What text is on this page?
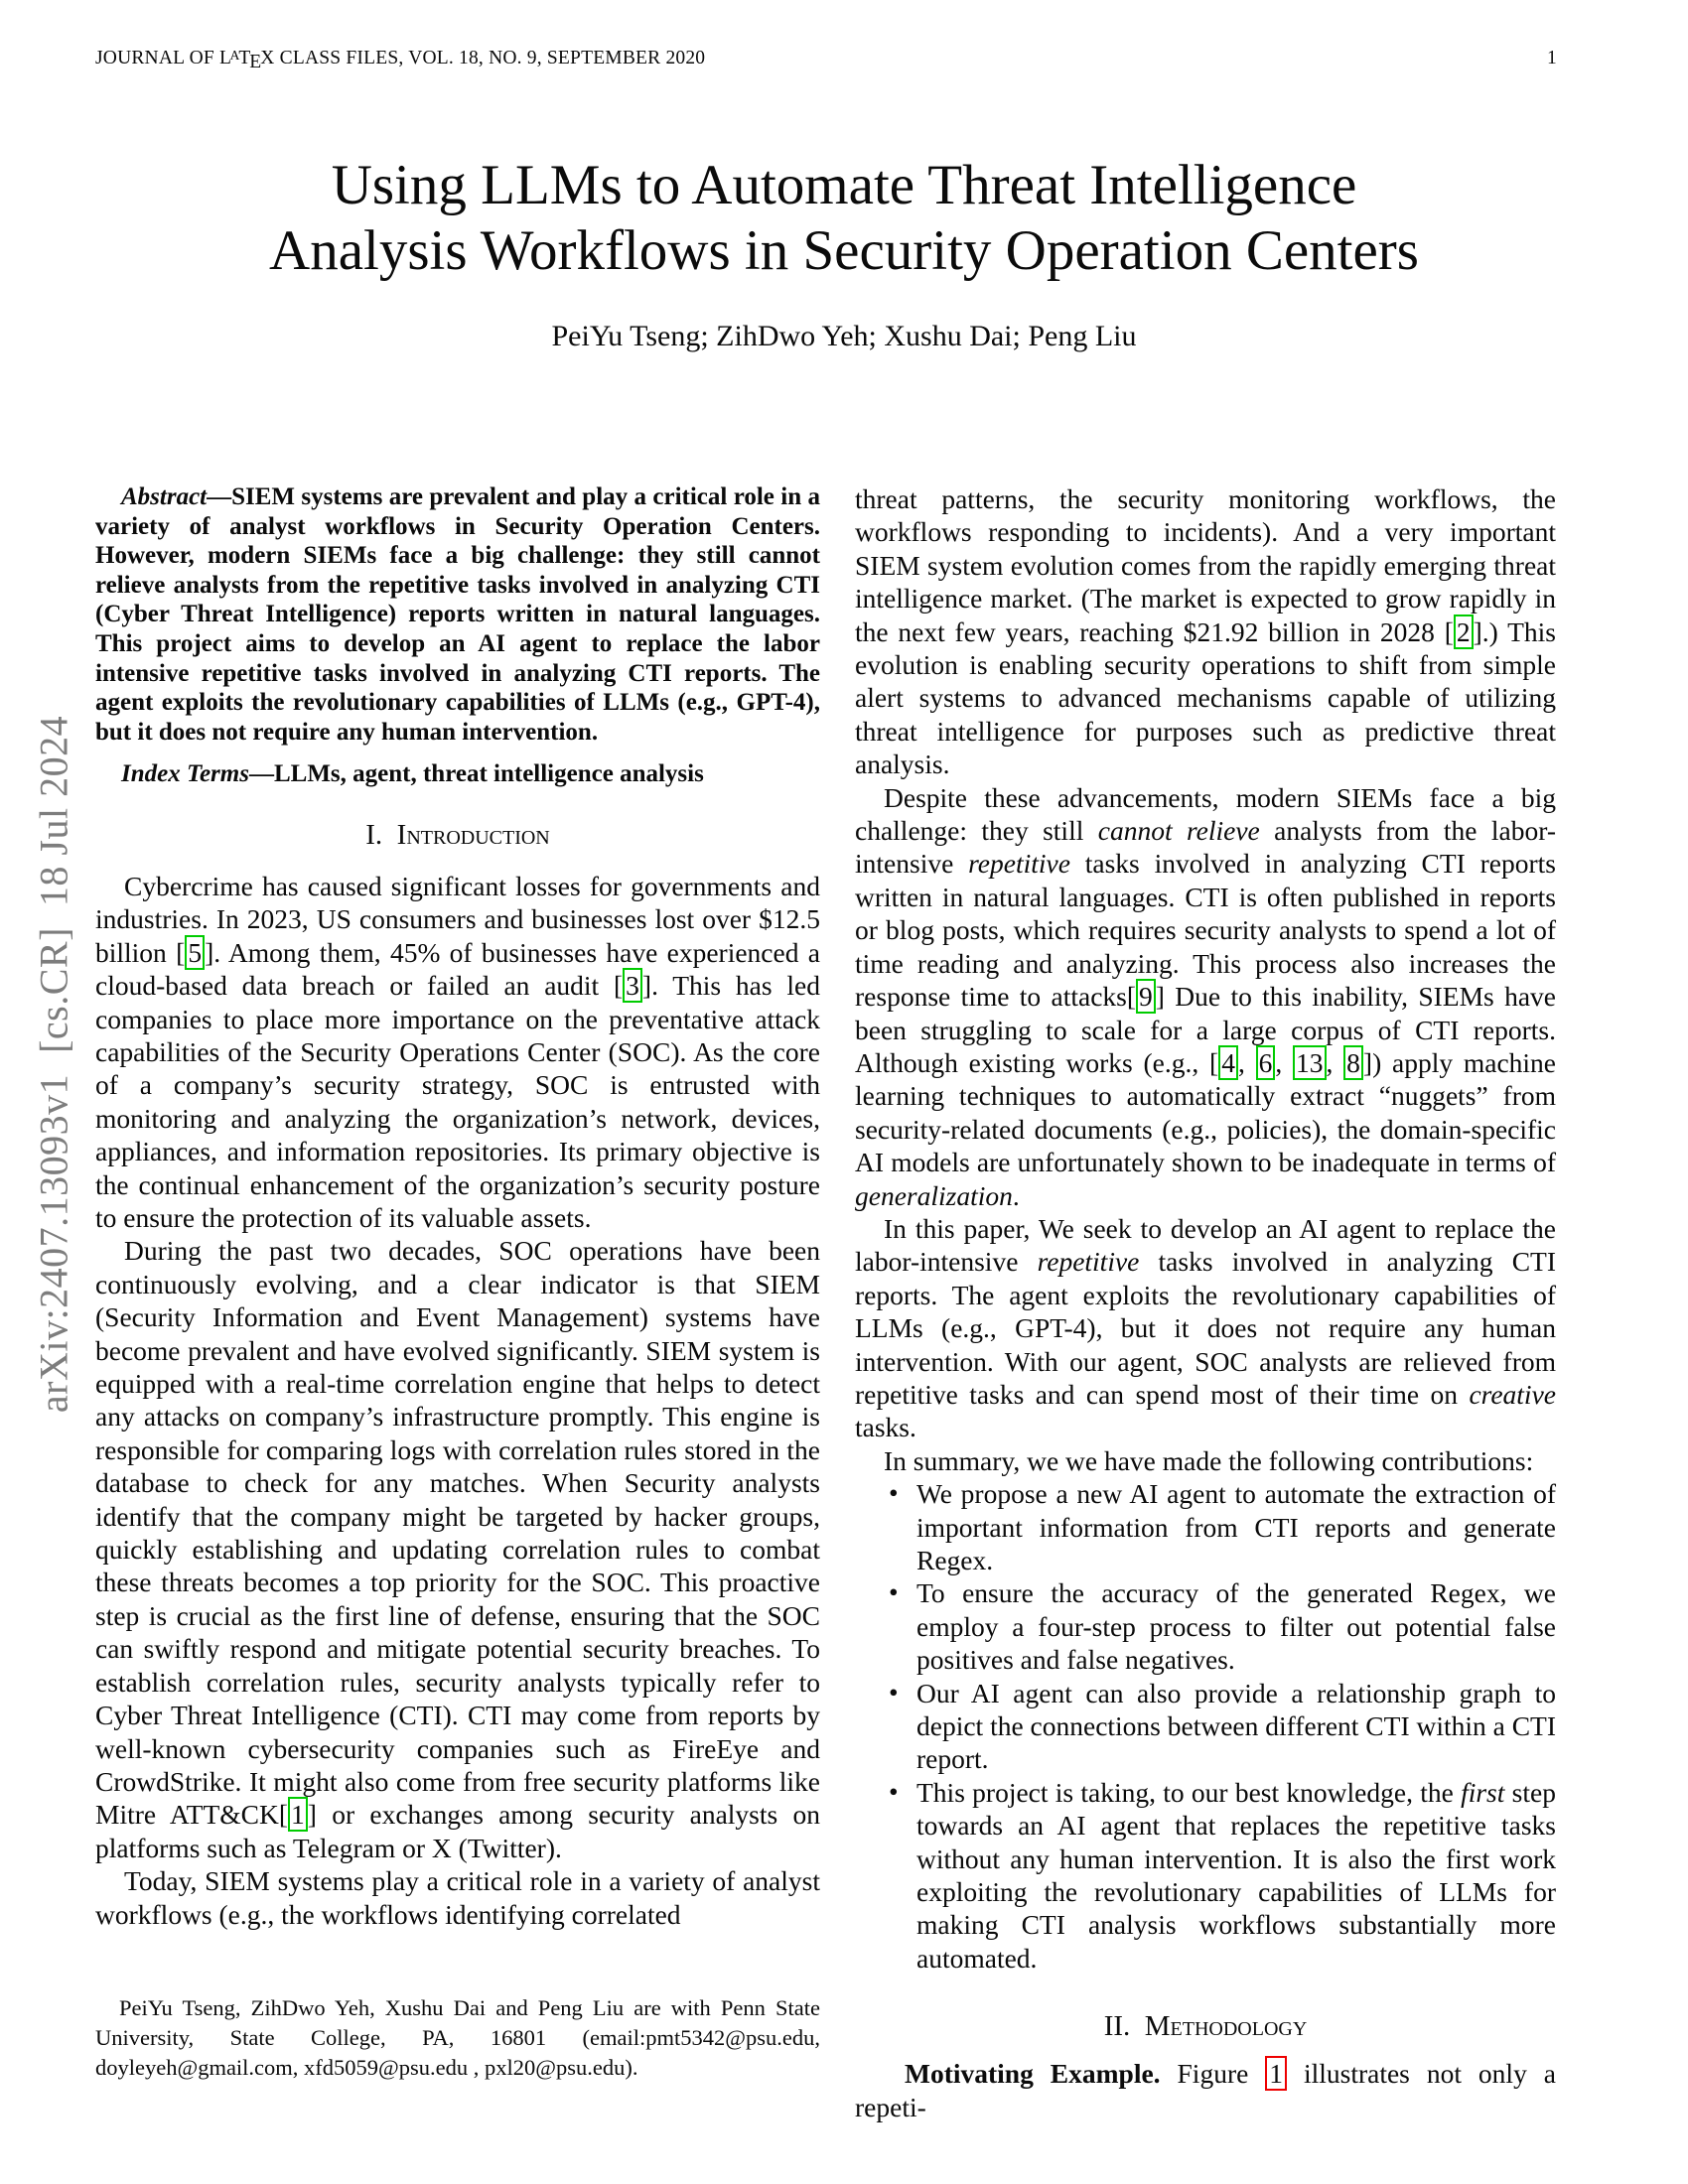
JOURNAL OF LATEX CLASS FILES, VOL. 18, NO. 9, SEPTEMBER 2020	1
arXiv:2407.13093v1  [cs.CR]  18 Jul 2024
Using LLMs to Automate Threat Intelligence
Analysis Workflows in Security Operation Centers
PeiYu Tseng; ZihDwo Yeh; Xushu Dai; Peng Liu

Abstract—SIEM systems are prevalent and play a critical role in a variety of analyst workflows in Security Operation Centers. However, modern SIEMs face a big challenge: they still cannot relieve analysts from the repetitive tasks involved in analyzing CTI (Cyber Threat Intelligence) reports written in natural languages. This project aims to develop an AI agent to replace the labor intensive repetitive tasks involved in analyzing CTI reports. The agent exploits the revolutionary capabilities of LLMs (e.g., GPT-4), but it does not require any human intervention.

Index Terms—LLMs, agent, threat intelligence analysis

I.  Introduction

Cybercrime has caused significant losses for governments and industries. In 2023, US consumers and businesses lost over $12.5 billion [ 5 ]. Among them, 45% of businesses have experienced a cloud-based data breach or failed an audit [ 3 ]. This has led companies to place more importance on the preventative attack capabilities of the Security Operations Center (SOC). As the core of a company’s security strategy, SOC is entrusted with monitoring and analyzing the organization’s network, devices, appliances, and information repositories. Its primary objective is the continual enhancement of the organization’s security posture to ensure the protection of its valuable assets.

During the past two decades, SOC operations have been continuously evolving, and a clear indicator is that SIEM (Security Information and Event Management) systems have become prevalent and have evolved significantly. SIEM system is equipped with a real-time correlation engine that helps to detect any attacks on company’s infrastructure promptly. This engine is responsible for comparing logs with correlation rules stored in the database to check for any matches. When Security analysts identify that the company might be targeted by hacker groups, quickly establishing and updating correlation rules to combat these threats becomes a top priority for the SOC. This proactive step is crucial as the first line of defense, ensuring that the SOC can swiftly respond and mitigate potential security breaches. To establish correlation rules, security analysts typically refer to Cyber Threat Intelligence (CTI). CTI may come from reports by well-known cybersecurity companies such as FireEye and CrowdStrike. It might also come from free security platforms like Mitre ATT&CK[ 1 ] or exchanges among security analysts on platforms such as Telegram or X (Twitter).

Today, SIEM systems play a critical role in a variety of analyst workflows (e.g., the workflows identifying correlated

PeiYu Tseng, ZihDwo Yeh, Xushu Dai and Peng Liu are with Penn State University, State College, PA, 16801 (email:pmt5342@psu.edu, doyleyeh@gmail.com, xfd5059@psu.edu , pxl20@psu.edu).

threat patterns, the security monitoring workflows, the workflows responding to incidents). And a very important SIEM system evolution comes from the rapidly emerging threat intelligence market. (The market is expected to grow rapidly in the next few years, reaching $21.92 billion in 2028 [ 2 ].) This evolution is enabling security operations to shift from simple alert systems to advanced mechanisms capable of utilizing threat intelligence for purposes such as predictive threat analysis.

Despite these advancements, modern SIEMs face a big challenge: they still cannot relieve analysts from the labor-intensive repetitive tasks involved in analyzing CTI reports written in natural languages. CTI is often published in reports or blog posts, which requires security analysts to spend a lot of time reading and analyzing. This process also increases the response time to attacks[ 9 ] Due to this inability, SIEMs have been struggling to scale for a large corpus of CTI reports. Although existing works (e.g., [ 4 , 6 , 13 , 8 ]) apply machine learning techniques to automatically extract “nuggets” from security-related documents (e.g., policies), the domain-specific AI models are unfortunately shown to be inadequate in terms of generalization.

In this paper, We seek to develop an AI agent to replace the labor-intensive repetitive tasks involved in analyzing CTI reports. The agent exploits the revolutionary capabilities of LLMs (e.g., GPT-4), but it does not require any human intervention. With our agent, SOC analysts are relieved from repetitive tasks and can spend most of their time on creative tasks.

In summary, we we have made the following contributions:

• We propose a new AI agent to automate the extraction of important information from CTI reports and generate Regex.
• To ensure the accuracy of the generated Regex, we employ a four-step process to filter out potential false positives and false negatives.
• Our AI agent can also provide a relationship graph to depict the connections between different CTI within a CTI report.
• This project is taking, to our best knowledge, the first step towards an AI agent that replaces the repetitive tasks without any human intervention. It is also the first work exploiting the revolutionary capabilities of LLMs for making CTI analysis workflows substantially more automated.
II.  Methodology

Motivating Example. Figure 1 illustrates not only a repeti-
